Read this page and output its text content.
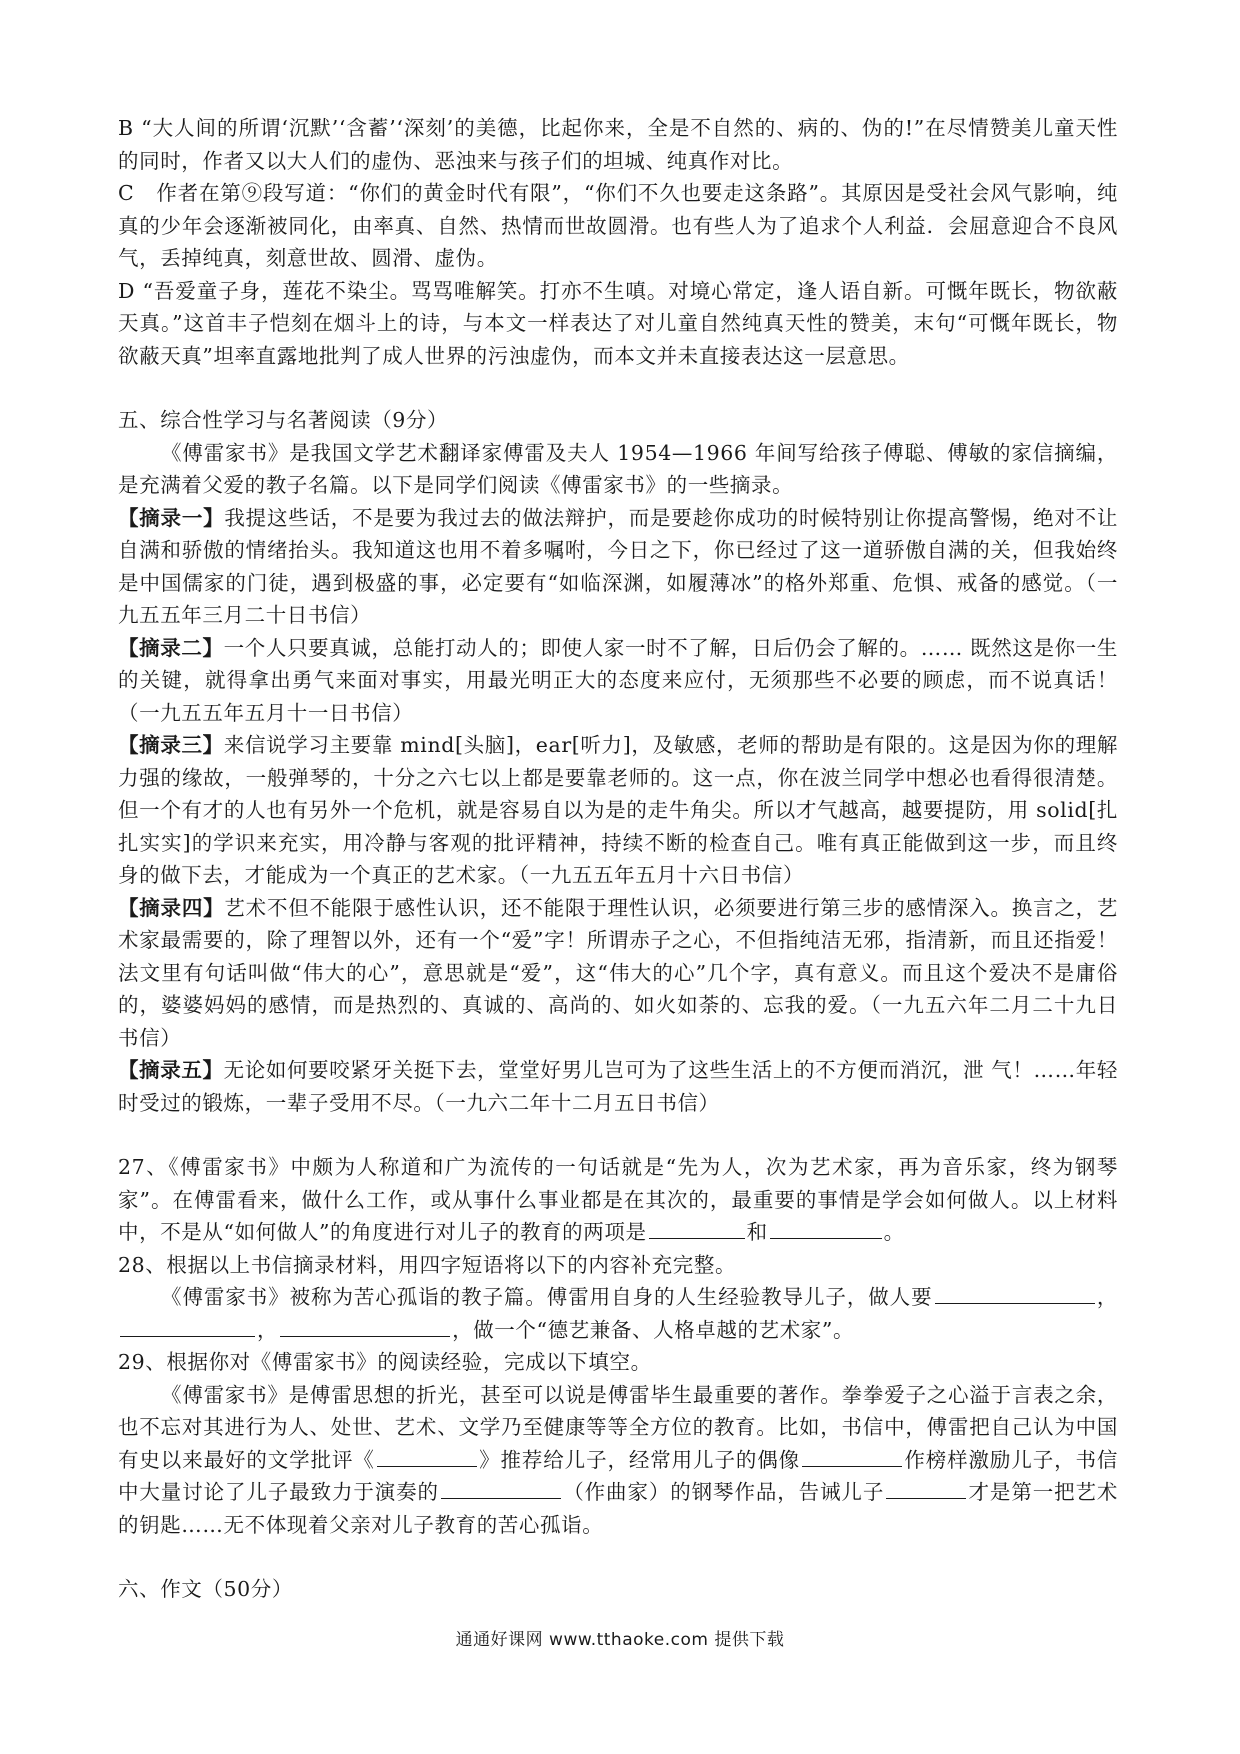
B “大人间的所谓‘沉默’‘含蓄’‘深刻’的美德，比起你来，全是不自然的、病的、伪的!”在尽情赞美儿童天性的同时，作者又以大人们的虚伪、恶浊来与孩子们的坦城、纯真作对比。

C 作者在第⑨段写道：“你们的黄金时代有限”，“你们不久也要走这条路”。其原因是受社会风气影响，纯真的少年会逐渐被同化，由率真、自然、热情而世故圆滑。也有些人为了追求个人利益．会屈意迎合不良风气，丢掉纯真，刻意世故、圆滑、虚伪。

D “吾爱童子身，莲花不染尘。骂骂唯解笑。打亦不生嗔。对境心常定，逢人语自新。可慨年既长，物欲蔽天真。”这首丰子恺刻在烟斗上的诗，与本文一样表达了对儿童自然纯真天性的赞美，末句“可慨年既长，物欲蔽天真”坦率直露地批判了成人世界的污浊虚伪，而本文并未直接表达这一层意思。

五、综合性学习与名著阅读（9分）

《傅雷家书》是我国文学艺术翻译家傅雷及夫人 1954—1966 年间写给孩子傅聪、傅敏的家信摘编，是充满着父爱的教子名篇。以下是同学们阅读《傅雷家书》的一些摘录。

【摘录一】我提这些话，不是要为我过去的做法辩护，而是要趁你成功的时候特别让你提高警惕，绝对不让自满和骄傲的情绪抬头。我知道这也用不着多嘱咐，今日之下，你已经过了这一道骄傲自满的关，但我始终是中国儒家的门徒，遇到极盛的事，必定要有“如临深渊，如履薄冰”的格外郑重、危惧、戒备的感觉。（一九五五年三月二十日书信）

【摘录二】一个人只要真诚，总能打动人的；即使人家一时不了解，日后仍会了解的。…… 既然这是你一生的关键，就得拿出勇气来面对事实，用最光明正大的态度来应付，无须那些不必要的顾虑，而不说真话！（一九五五年五月十一日书信）

【摘录三】来信说学习主要靠 mind[头脑]，ear[听力]，及敏感，老师的帮助是有限的。这是因为你的理解力强的缘故，一般弹琴的，十分之六七以上都是要靠老师的。这一点，你在波兰同学中想必也看得很清楚。但一个有才的人也有另外一个危机，就是容易自以为是的走牛角尖。所以才气越高，越要提防，用 solid[扎扎实实]的学识来充实，用冷静与客观的批评精神，持续不断的检查自己。唯有真正能做到这一步，而且终身的做下去，才能成为一个真正的艺术家。（一九五五年五月十六日书信）

【摘录四】艺术不但不能限于感性认识，还不能限于理性认识，必须要进行第三步的感情深入。换言之，艺术家最需要的，除了理智以外，还有一个“爱”字！所谓赤子之心，不但指纯洁无邪，指清新，而且还指爱！法文里有句话叫做“伟大的心”，意思就是“爱”，这“伟大的心”几个字，真有意义。而且这个爱决不是庸俗的，婆婆妈妈的感情，而是热烈的、真诚的、高尚的、如火如荼的、忘我的爱。（一九五六年二月二十九日书信）

【摘录五】无论如何要咬紧牙关挺下去，堂堂好男儿岂可为了这些生活上的不方便而消沉，泄 气！……年轻时受过的锻炼，一辈子受用不尽。（一九六二年十二月五日书信）

27、《傅雷家书》中颇为人称道和广为流传的一句话就是“先为人，次为艺术家，再为音乐家，终为钢琴家”。在傅雷看来，做什么工作，或从事什么事业都是在其次的，最重要的事情是学会如何做人。以上材料中，不是从“如何做人”的角度进行对儿子的教育的两项是	和	。

28、根据以上书信摘录材料，用四字短语将以下的内容补充完整。

《傅雷家书》被称为苦心孤诣的教子篇。傅雷用自身的人生经验教导儿子，做人要	，，	，做一个“德艺兼备、人格卓越的艺术家”。

29、根据你对《傅雷家书》的阅读经验，完成以下填空。

《傅雷家书》是傅雷思想的折光，甚至可以说是傅雷毕生最重要的著作。拳拳爱子之心溢于言表之余，也不忘对其进行为人、处世、艺术、文学乃至健康等等全方位的教育。比如，书信中，傅雷把自己认为中国有史以来最好的文学批评《	》推荐给儿子，经常用儿子的偶像	作榜样激励儿子，书信中大量讨论了儿子最致力于演奏的	（作曲家）的钢琴作品，告诫儿子	才是第一把艺术的钥匙……无不体现着父亲对儿子教育的苦心孤诣。

六、作文（50分）

通通好课网 www.tthaoke.com 提供下载
